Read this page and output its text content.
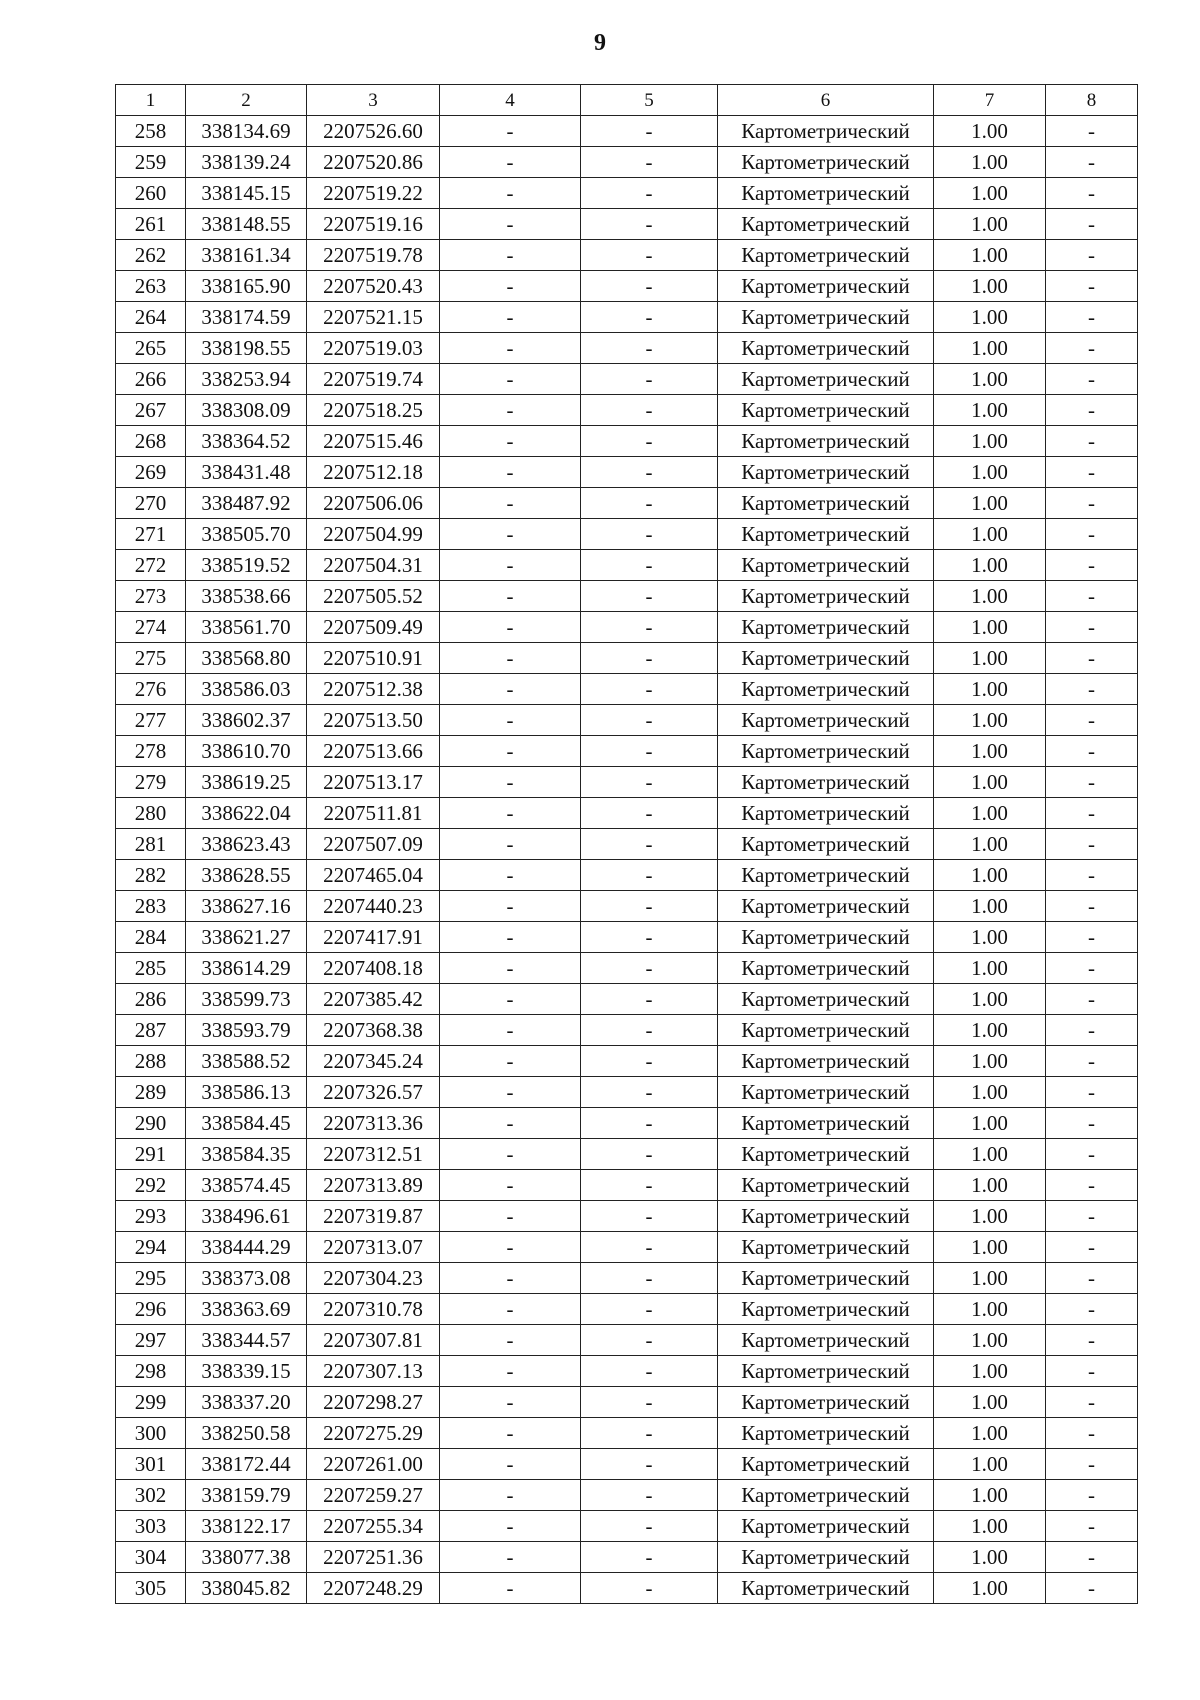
9
1	2	3	4	5	6	7	8
258	338134.69	2207526.60	-	-	Картометрический	1.00	-
259	338139.24	2207520.86	-	-	Картометрический	1.00	-
260	338145.15	2207519.22	-	-	Картометрический	1.00	-
261	338148.55	2207519.16	-	-	Картометрический	1.00	-
262	338161.34	2207519.78	-	-	Картометрический	1.00	-
263	338165.90	2207520.43	-	-	Картометрический	1.00	-
264	338174.59	2207521.15	-	-	Картометрический	1.00	-
265	338198.55	2207519.03	-	-	Картометрический	1.00	-
266	338253.94	2207519.74	-	-	Картометрический	1.00	-
267	338308.09	2207518.25	-	-	Картометрический	1.00	-
268	338364.52	2207515.46	-	-	Картометрический	1.00	-
269	338431.48	2207512.18	-	-	Картометрический	1.00	-
270	338487.92	2207506.06	-	-	Картометрический	1.00	-
271	338505.70	2207504.99	-	-	Картометрический	1.00	-
272	338519.52	2207504.31	-	-	Картометрический	1.00	-
273	338538.66	2207505.52	-	-	Картометрический	1.00	-
274	338561.70	2207509.49	-	-	Картометрический	1.00	-
275	338568.80	2207510.91	-	-	Картометрический	1.00	-
276	338586.03	2207512.38	-	-	Картометрический	1.00	-
277	338602.37	2207513.50	-	-	Картометрический	1.00	-
278	338610.70	2207513.66	-	-	Картометрический	1.00	-
279	338619.25	2207513.17	-	-	Картометрический	1.00	-
280	338622.04	2207511.81	-	-	Картометрический	1.00	-
281	338623.43	2207507.09	-	-	Картометрический	1.00	-
282	338628.55	2207465.04	-	-	Картометрический	1.00	-
283	338627.16	2207440.23	-	-	Картометрический	1.00	-
284	338621.27	2207417.91	-	-	Картометрический	1.00	-
285	338614.29	2207408.18	-	-	Картометрический	1.00	-
286	338599.73	2207385.42	-	-	Картометрический	1.00	-
287	338593.79	2207368.38	-	-	Картометрический	1.00	-
288	338588.52	2207345.24	-	-	Картометрический	1.00	-
289	338586.13	2207326.57	-	-	Картометрический	1.00	-
290	338584.45	2207313.36	-	-	Картометрический	1.00	-
291	338584.35	2207312.51	-	-	Картометрический	1.00	-
292	338574.45	2207313.89	-	-	Картометрический	1.00	-
293	338496.61	2207319.87	-	-	Картометрический	1.00	-
294	338444.29	2207313.07	-	-	Картометрический	1.00	-
295	338373.08	2207304.23	-	-	Картометрический	1.00	-
296	338363.69	2207310.78	-	-	Картометрический	1.00	-
297	338344.57	2207307.81	-	-	Картометрический	1.00	-
298	338339.15	2207307.13	-	-	Картометрический	1.00	-
299	338337.20	2207298.27	-	-	Картометрический	1.00	-
300	338250.58	2207275.29	-	-	Картометрический	1.00	-
301	338172.44	2207261.00	-	-	Картометрический	1.00	-
302	338159.79	2207259.27	-	-	Картометрический	1.00	-
303	338122.17	2207255.34	-	-	Картометрический	1.00	-
304	338077.38	2207251.36	-	-	Картометрический	1.00	-
305	338045.82	2207248.29	-	-	Картометрический	1.00	-
